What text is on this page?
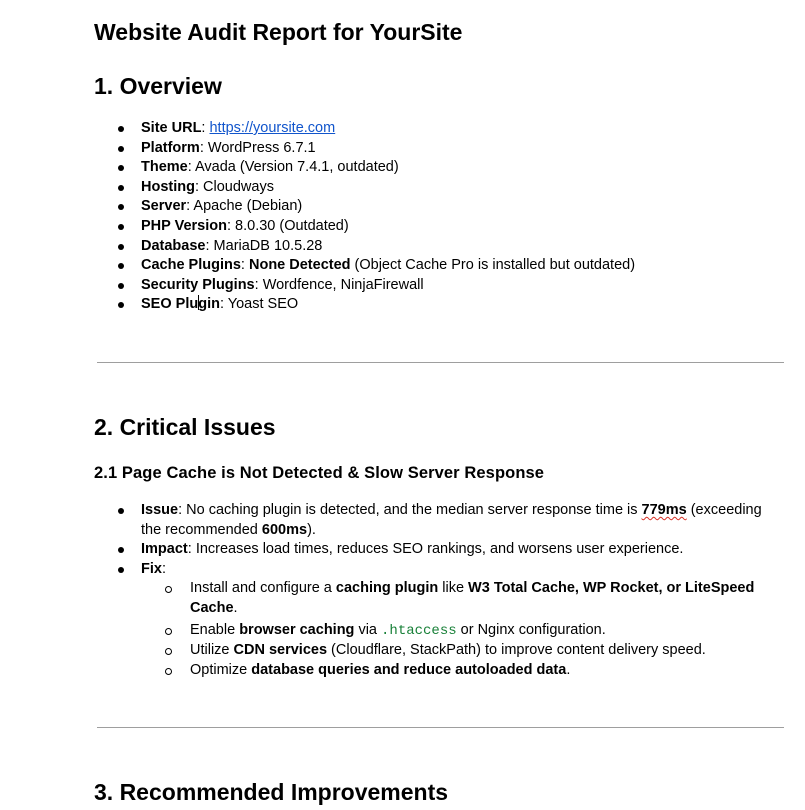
Website Audit Report for YourSite
1. Overview
Site URL: https://yoursite.com
Platform: WordPress 6.7.1
Theme: Avada (Version 7.4.1, outdated)
Hosting: Cloudways
Server: Apache (Debian)
PHP Version: 8.0.30 (Outdated)
Database: MariaDB 10.5.28
Cache Plugins: None Detected (Object Cache Pro is installed but outdated)
Security Plugins: Wordfence, NinjaFirewall
SEO Plugin: Yoast SEO
2. Critical Issues
2.1 Page Cache is Not Detected & Slow Server Response
Issue: No caching plugin is detected, and the median server response time is 779ms (exceeding the recommended 600ms).
Impact: Increases load times, reduces SEO rankings, and worsens user experience.
Fix:
Install and configure a caching plugin like W3 Total Cache, WP Rocket, or LiteSpeed Cache.
Enable browser caching via .htaccess or Nginx configuration.
Utilize CDN services (Cloudflare, StackPath) to improve content delivery speed.
Optimize database queries and reduce autoloaded data.
3. Recommended Improvements
